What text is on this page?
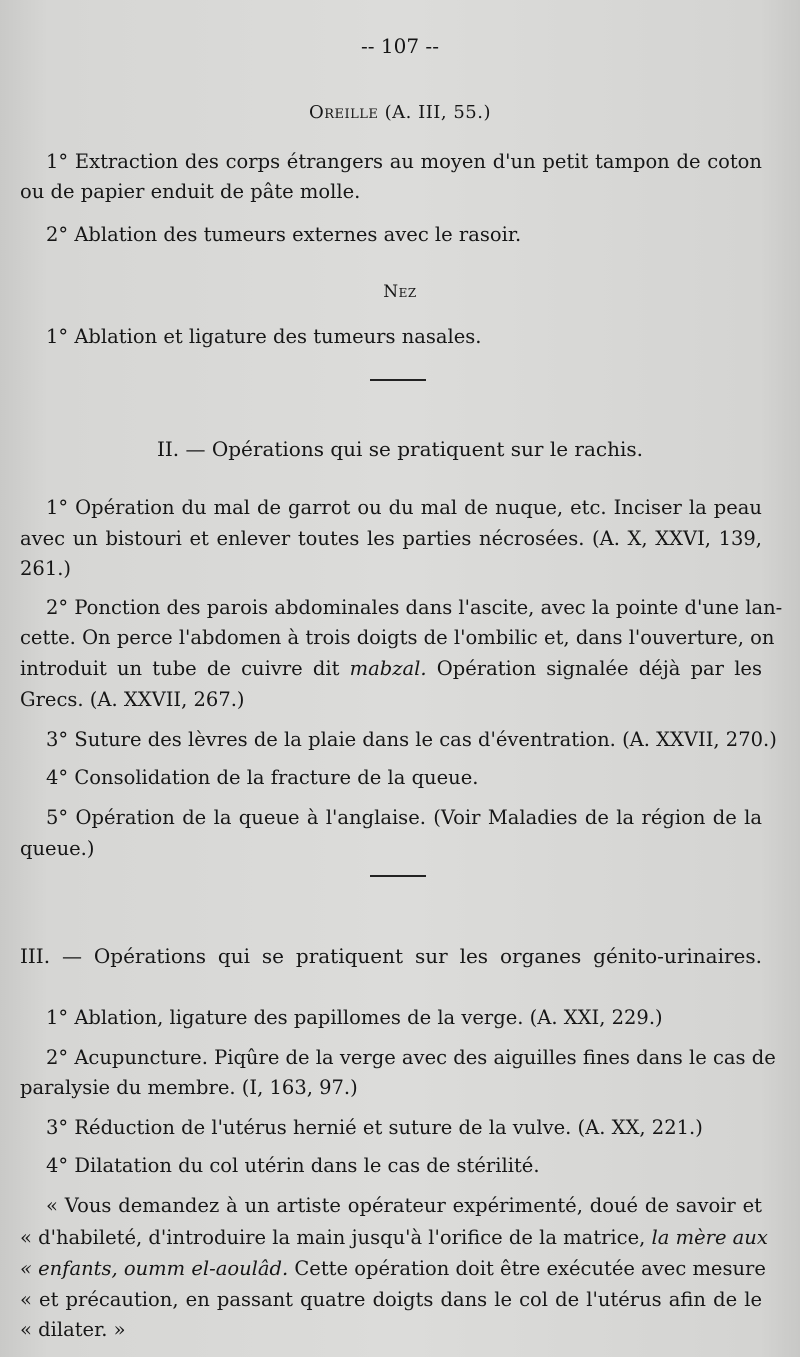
-- 107 --
Oreille (A. III, 55.)
1° Extraction des corps étrangers au moyen d'un petit tampon de coton
ou de papier enduit de pâte molle.
2° Ablation des tumeurs externes avec le rasoir.
Nez
1° Ablation et ligature des tumeurs nasales.
II. — Opérations qui se pratiquent sur le rachis.
1° Opération du mal de garrot ou du mal de nuque, etc. Inciser la peau
avec un bistouri et enlever toutes les parties nécrosées. (A. X, XXVI, 139,
261.)
2° Ponction des parois abdominales dans l'ascite, avec la pointe d'une lan-
cette. On perce l'abdomen à trois doigts de l'ombilic et, dans l'ouverture, on
introduit un tube de cuivre dit mabzal. Opération signalée déjà par les
Grecs. (A. XXVII, 267.)
3° Suture des lèvres de la plaie dans le cas d'éventration. (A. XXVII, 270.)
4° Consolidation de la fracture de la queue.
5° Opération de la queue à l'anglaise. (Voir Maladies de la région de la
queue.)
III. — Opérations qui se pratiquent sur les organes génito-urinaires.
1° Ablation, ligature des papillomes de la verge. (A. XXI, 229.)
2° Acupuncture. Piqûre de la verge avec des aiguilles fines dans le cas de
paralysie du membre. (I, 163, 97.)
3° Réduction de l'utérus hernié et suture de la vulve. (A. XX, 221.)
4° Dilatation du col utérin dans le cas de stérilité.
« Vous demandez à un artiste opérateur expérimenté, doué de savoir et
« d'habileté, d'introduire la main jusqu'à l'orifice de la matrice, la mère aux
« enfants, oumm el-aoulâd. Cette opération doit être exécutée avec mesure
« et précaution, en passant quatre doigts dans le col de l'utérus afin de le
« dilater. »
